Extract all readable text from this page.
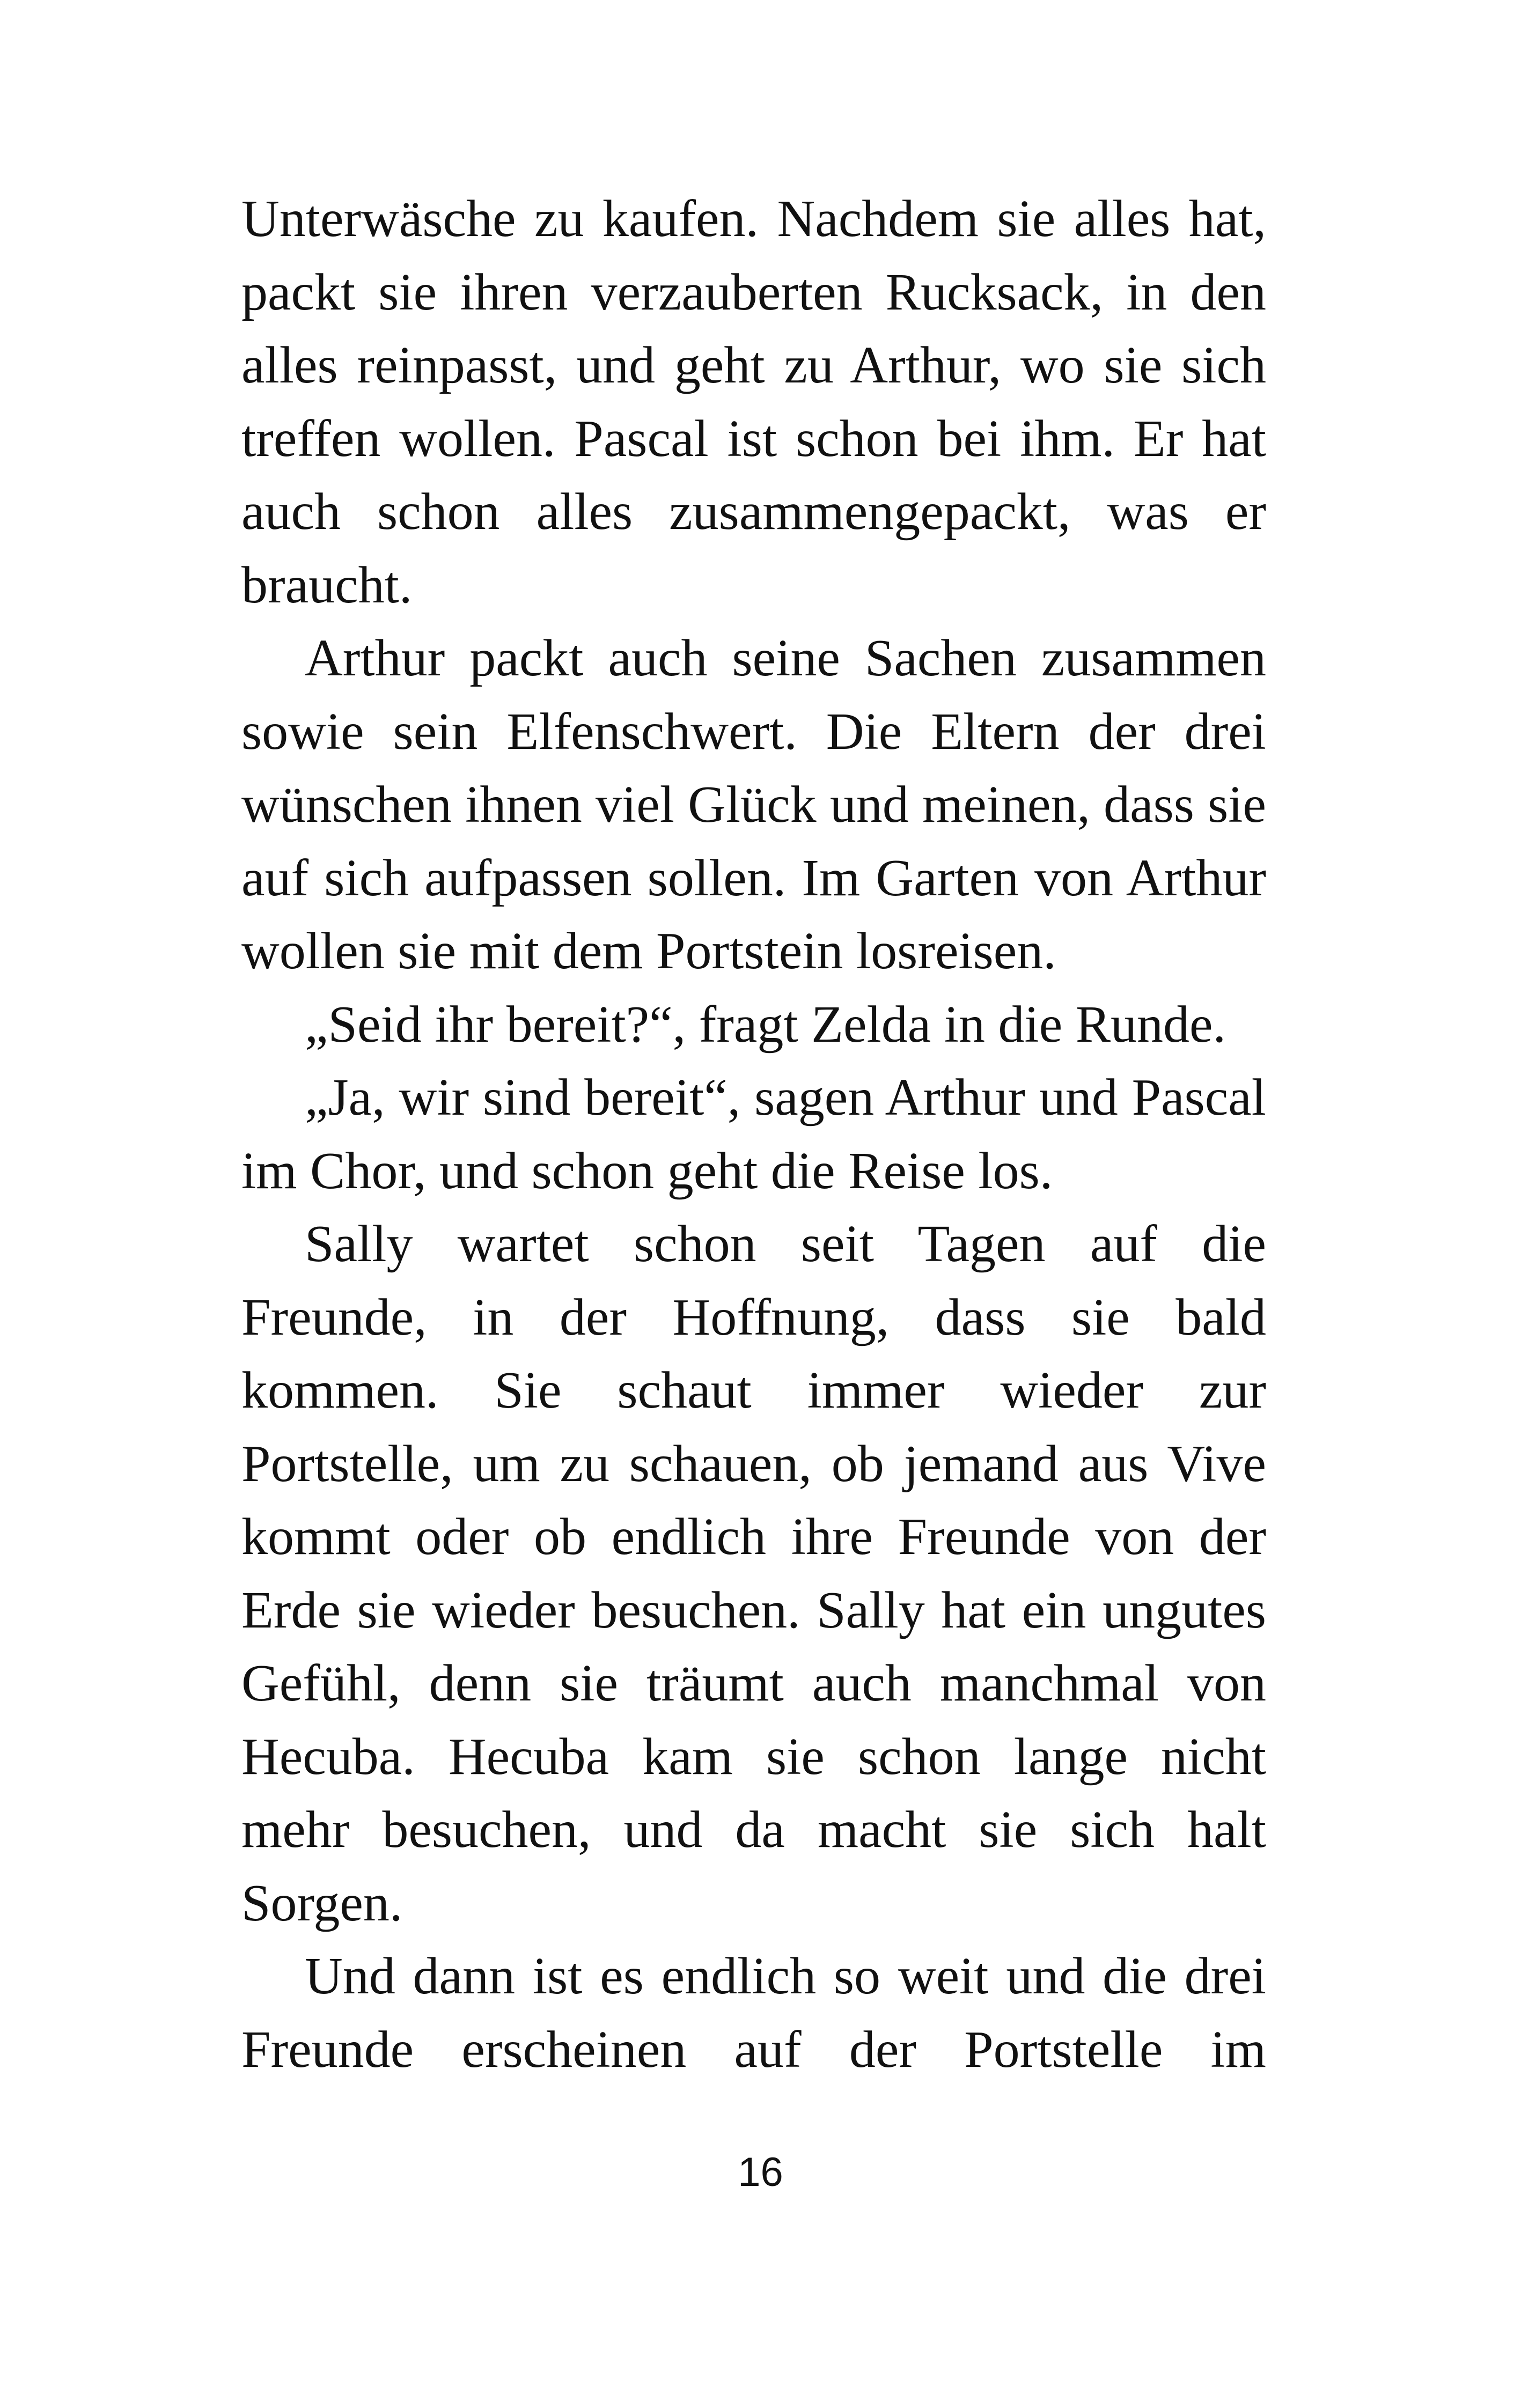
Unterwäsche zu kaufen. Nachdem sie alles hat,
packt sie ihren verzauberten Rucksack, in den
alles reinpasst, und geht zu Arthur, wo sie sich
treffen wollen. Pascal ist schon bei ihm. Er hat
auch schon alles zusammengepackt, was er
braucht.
Arthur packt auch seine Sachen zusammen
sowie sein Elfenschwert. Die Eltern der drei
wünschen ihnen viel Glück und meinen, dass sie
auf sich aufpassen sollen. Im Garten von Arthur
wollen sie mit dem Portstein losreisen.
„Seid ihr bereit?“, fragt Zelda in die Runde.
„Ja, wir sind bereit“, sagen Arthur und Pascal
im Chor, und schon geht die Reise los.
Sally wartet schon seit Tagen auf die
Freunde, in der Hoffnung, dass sie bald
kommen. Sie schaut immer wieder zur
Portstelle, um zu schauen, ob jemand aus Vive
kommt oder ob endlich ihre Freunde von der
Erde sie wieder besuchen. Sally hat ein ungutes
Gefühl, denn sie träumt auch manchmal von
Hecuba. Hecuba kam sie schon lange nicht
mehr besuchen, und da macht sie sich halt
Sorgen.
Und dann ist es endlich so weit und die drei
Freunde erscheinen auf der Portstelle im
16
